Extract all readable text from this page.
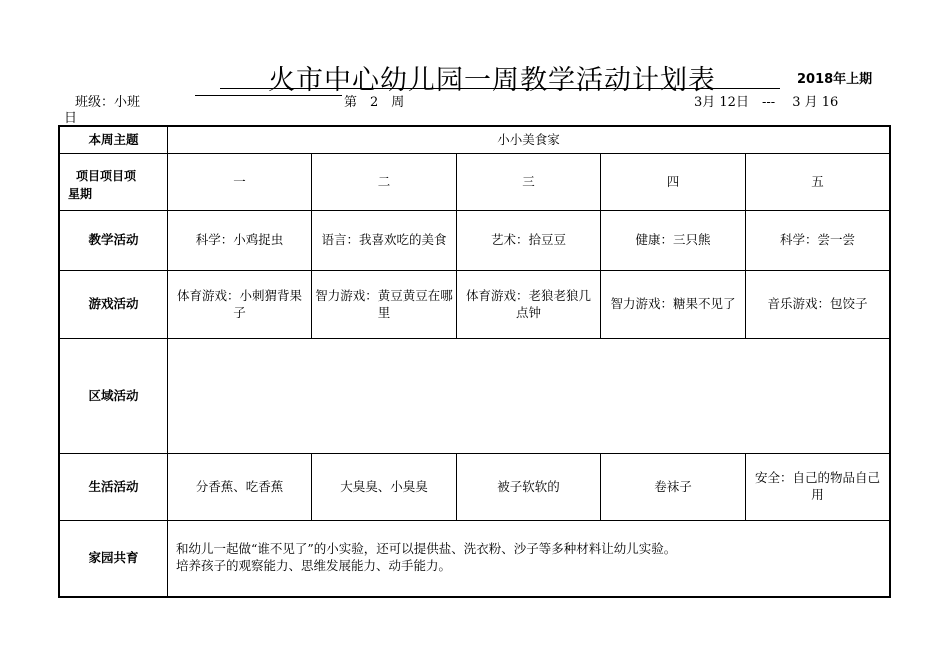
火市中心幼儿园一周教学活动计划表	2018年上期
班级：小班	第　2　周	3月 12日　---　 3 月 16
日
本周主题	小小美食家				

项目项目项
星期	一	二	三	四	五
教学活动	科学：小鸡捉虫	语言：我喜欢吃的美食	艺术：拾豆豆	健康：三只熊	科学：尝一尝
游戏活动	体育游戏：小刺猬背果子	智力游戏：黄豆黄豆在哪里	体育游戏：老狼老狼几点钟	智力游戏：糖果不见了	音乐游戏：包饺子
区域活动					
生活活动	分香蕉、吃香蕉	大臭臭、小臭臭	被子软软的	卷袜子	安全：自己的物品自己用
家园共育	和幼儿一起做“谁不见了”的小实验，还可以提供盐、洗衣粉、沙子等多种材料让幼儿实验。
培养孩子的观察能力、思维发展能力、动手能力。				
